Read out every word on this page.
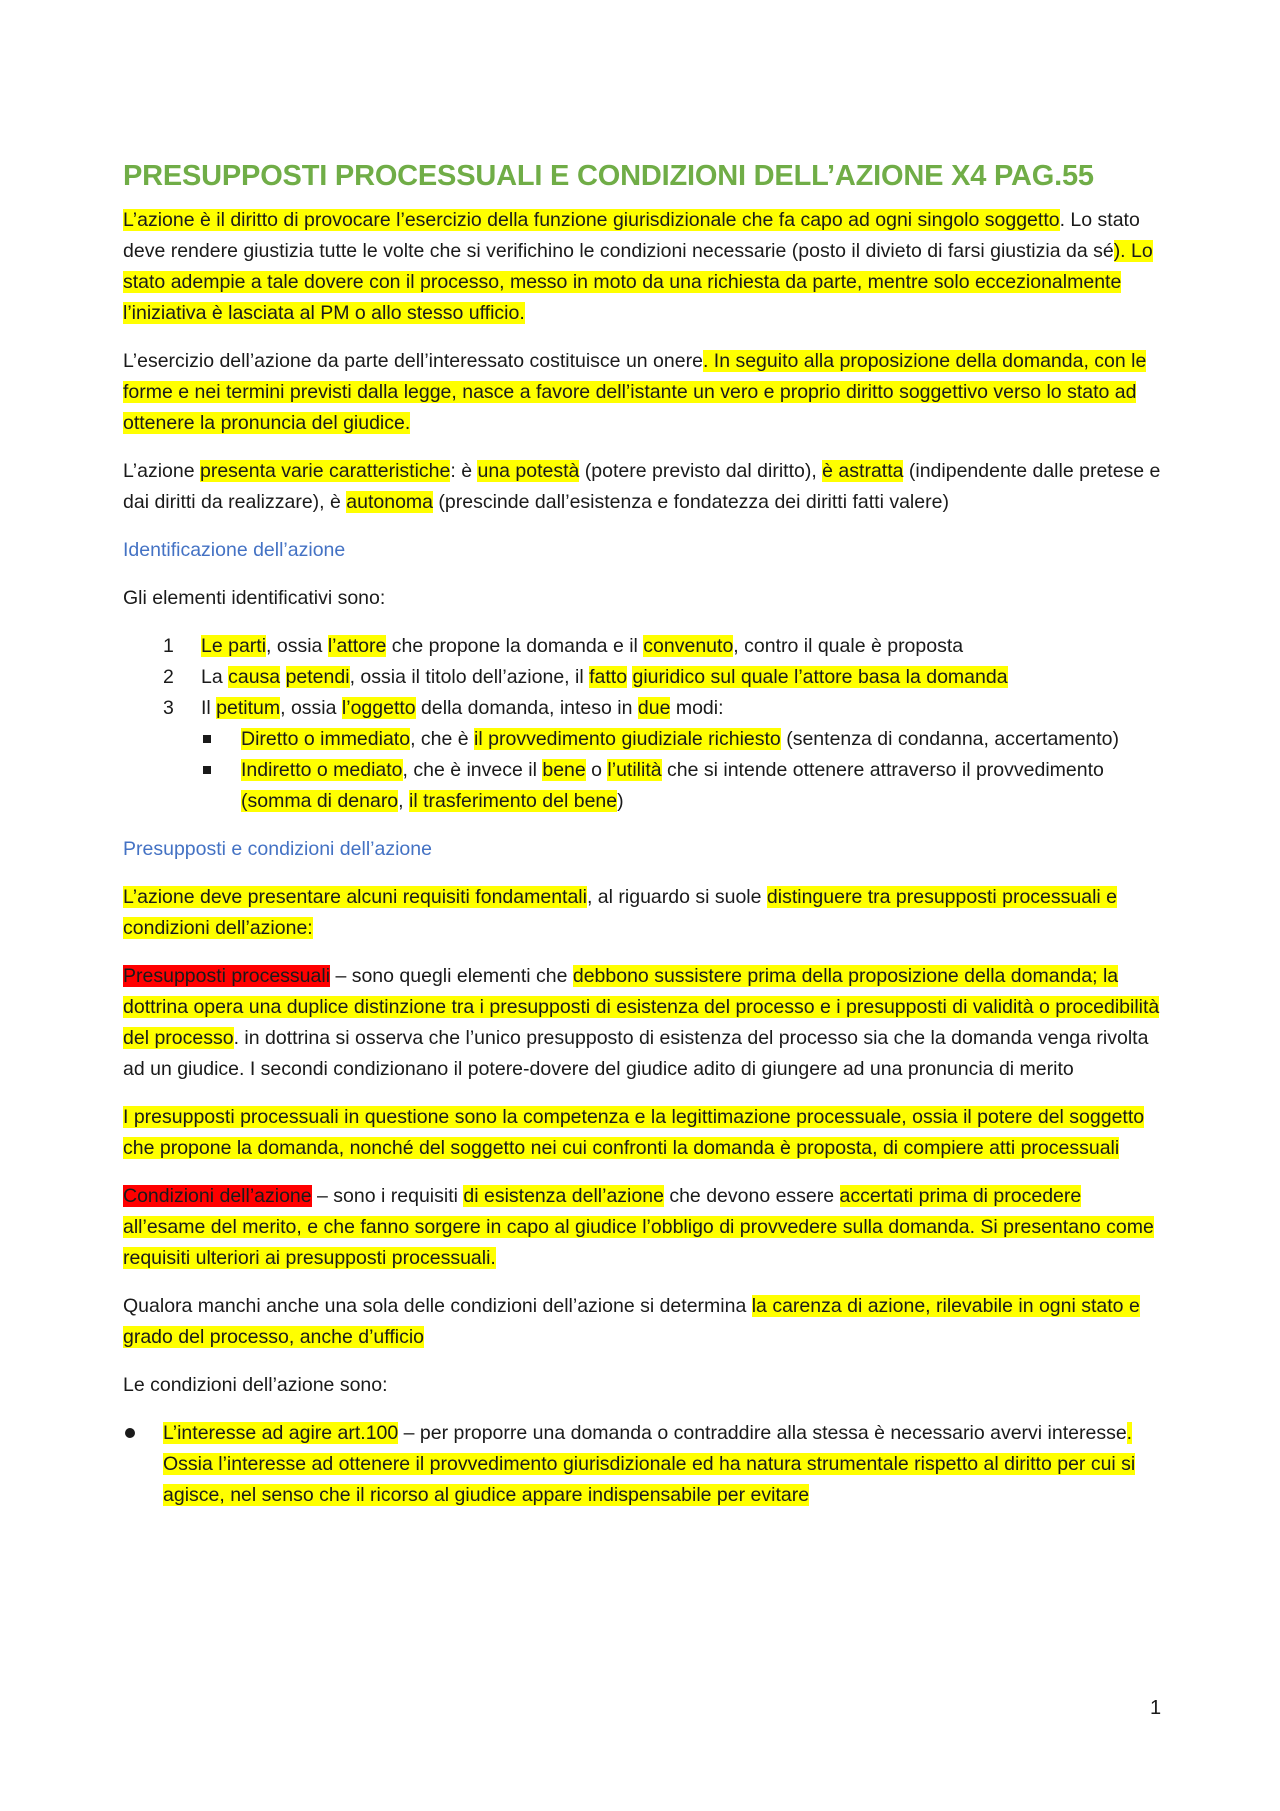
PRESUPPOSTI PROCESSUALI E CONDIZIONI DELL’AZIONE X4 PAG.55

L’azione è il diritto di provocare l’esercizio della funzione giurisdizionale che fa capo ad ogni singolo soggetto. Lo stato deve rendere giustizia tutte le volte che si verifichino le condizioni necessarie (posto il divieto di farsi giustizia da sé). Lo stato adempie a tale dovere con il processo, messo in moto da una richiesta da parte, mentre solo eccezionalmente l’iniziativa è lasciata al PM o allo stesso ufficio.

L’esercizio dell’azione da parte dell’interessato costituisce un onere. In seguito alla proposizione della domanda, con le forme e nei termini previsti dalla legge, nasce a favore dell’istante un vero e proprio diritto soggettivo verso lo stato ad ottenere la pronuncia del giudice.

L’azione presenta varie caratteristiche: è una potestà (potere previsto dal diritto), è astratta (indipendente dalle pretese e dai diritti da realizzare), è autonoma (prescinde dall’esistenza e fondatezza dei diritti fatti valere)

Identificazione dell’azione

Gli elementi identificativi sono:

1 Le parti, ossia l’attore che propone la domanda e il convenuto, contro il quale è proposta
2 La causa petendi, ossia il titolo dell’azione, il fatto giuridico sul quale l’attore basa la domanda
3 Il petitum, ossia l’oggetto della domanda, inteso in due modi:
Diretto o immediato, che è il provvedimento giudiziale richiesto (sentenza di condanna, accertamento)
Indiretto o mediato, che è invece il bene o l’utilità che si intende ottenere attraverso il provvedimento (somma di denaro, il trasferimento del bene)
Presupposti e condizioni dell’azione

L’azione deve presentare alcuni requisiti fondamentali, al riguardo si suole distinguere tra presupposti processuali e condizioni dell’azione:

Presupposti processuali – sono quegli elementi che debbono sussistere prima della proposizione della domanda; la dottrina opera una duplice distinzione tra i presupposti di esistenza del processo e i presupposti di validità o procedibilità del processo. in dottrina si osserva che l’unico presupposto di esistenza del processo sia che la domanda venga rivolta ad un giudice. I secondi condizionano il potere-dovere del giudice adito di giungere ad una pronuncia di merito

I presupposti processuali in questione sono la competenza e la legittimazione processuale, ossia il potere del soggetto che propone la domanda, nonché del soggetto nei cui confronti la domanda è proposta, di compiere atti processuali

Condizioni dell’azione – sono i requisiti di esistenza dell’azione che devono essere accertati prima di procedere all’esame del merito, e che fanno sorgere in capo al giudice l’obbligo di provvedere sulla domanda. Si presentano come requisiti ulteriori ai presupposti processuali.

Qualora manchi anche una sola delle condizioni dell’azione si determina la carenza di azione, rilevabile in ogni stato e grado del processo, anche d’ufficio

Le condizioni dell’azione sono:

L’interesse ad agire art.100 – per proporre una domanda o contraddire alla stessa è necessario avervi interesse. Ossia l’interesse ad ottenere il provvedimento giurisdizionale ed ha natura strumentale rispetto al diritto per cui si agisce, nel senso che il ricorso al giudice appare indispensabile per evitare
1
